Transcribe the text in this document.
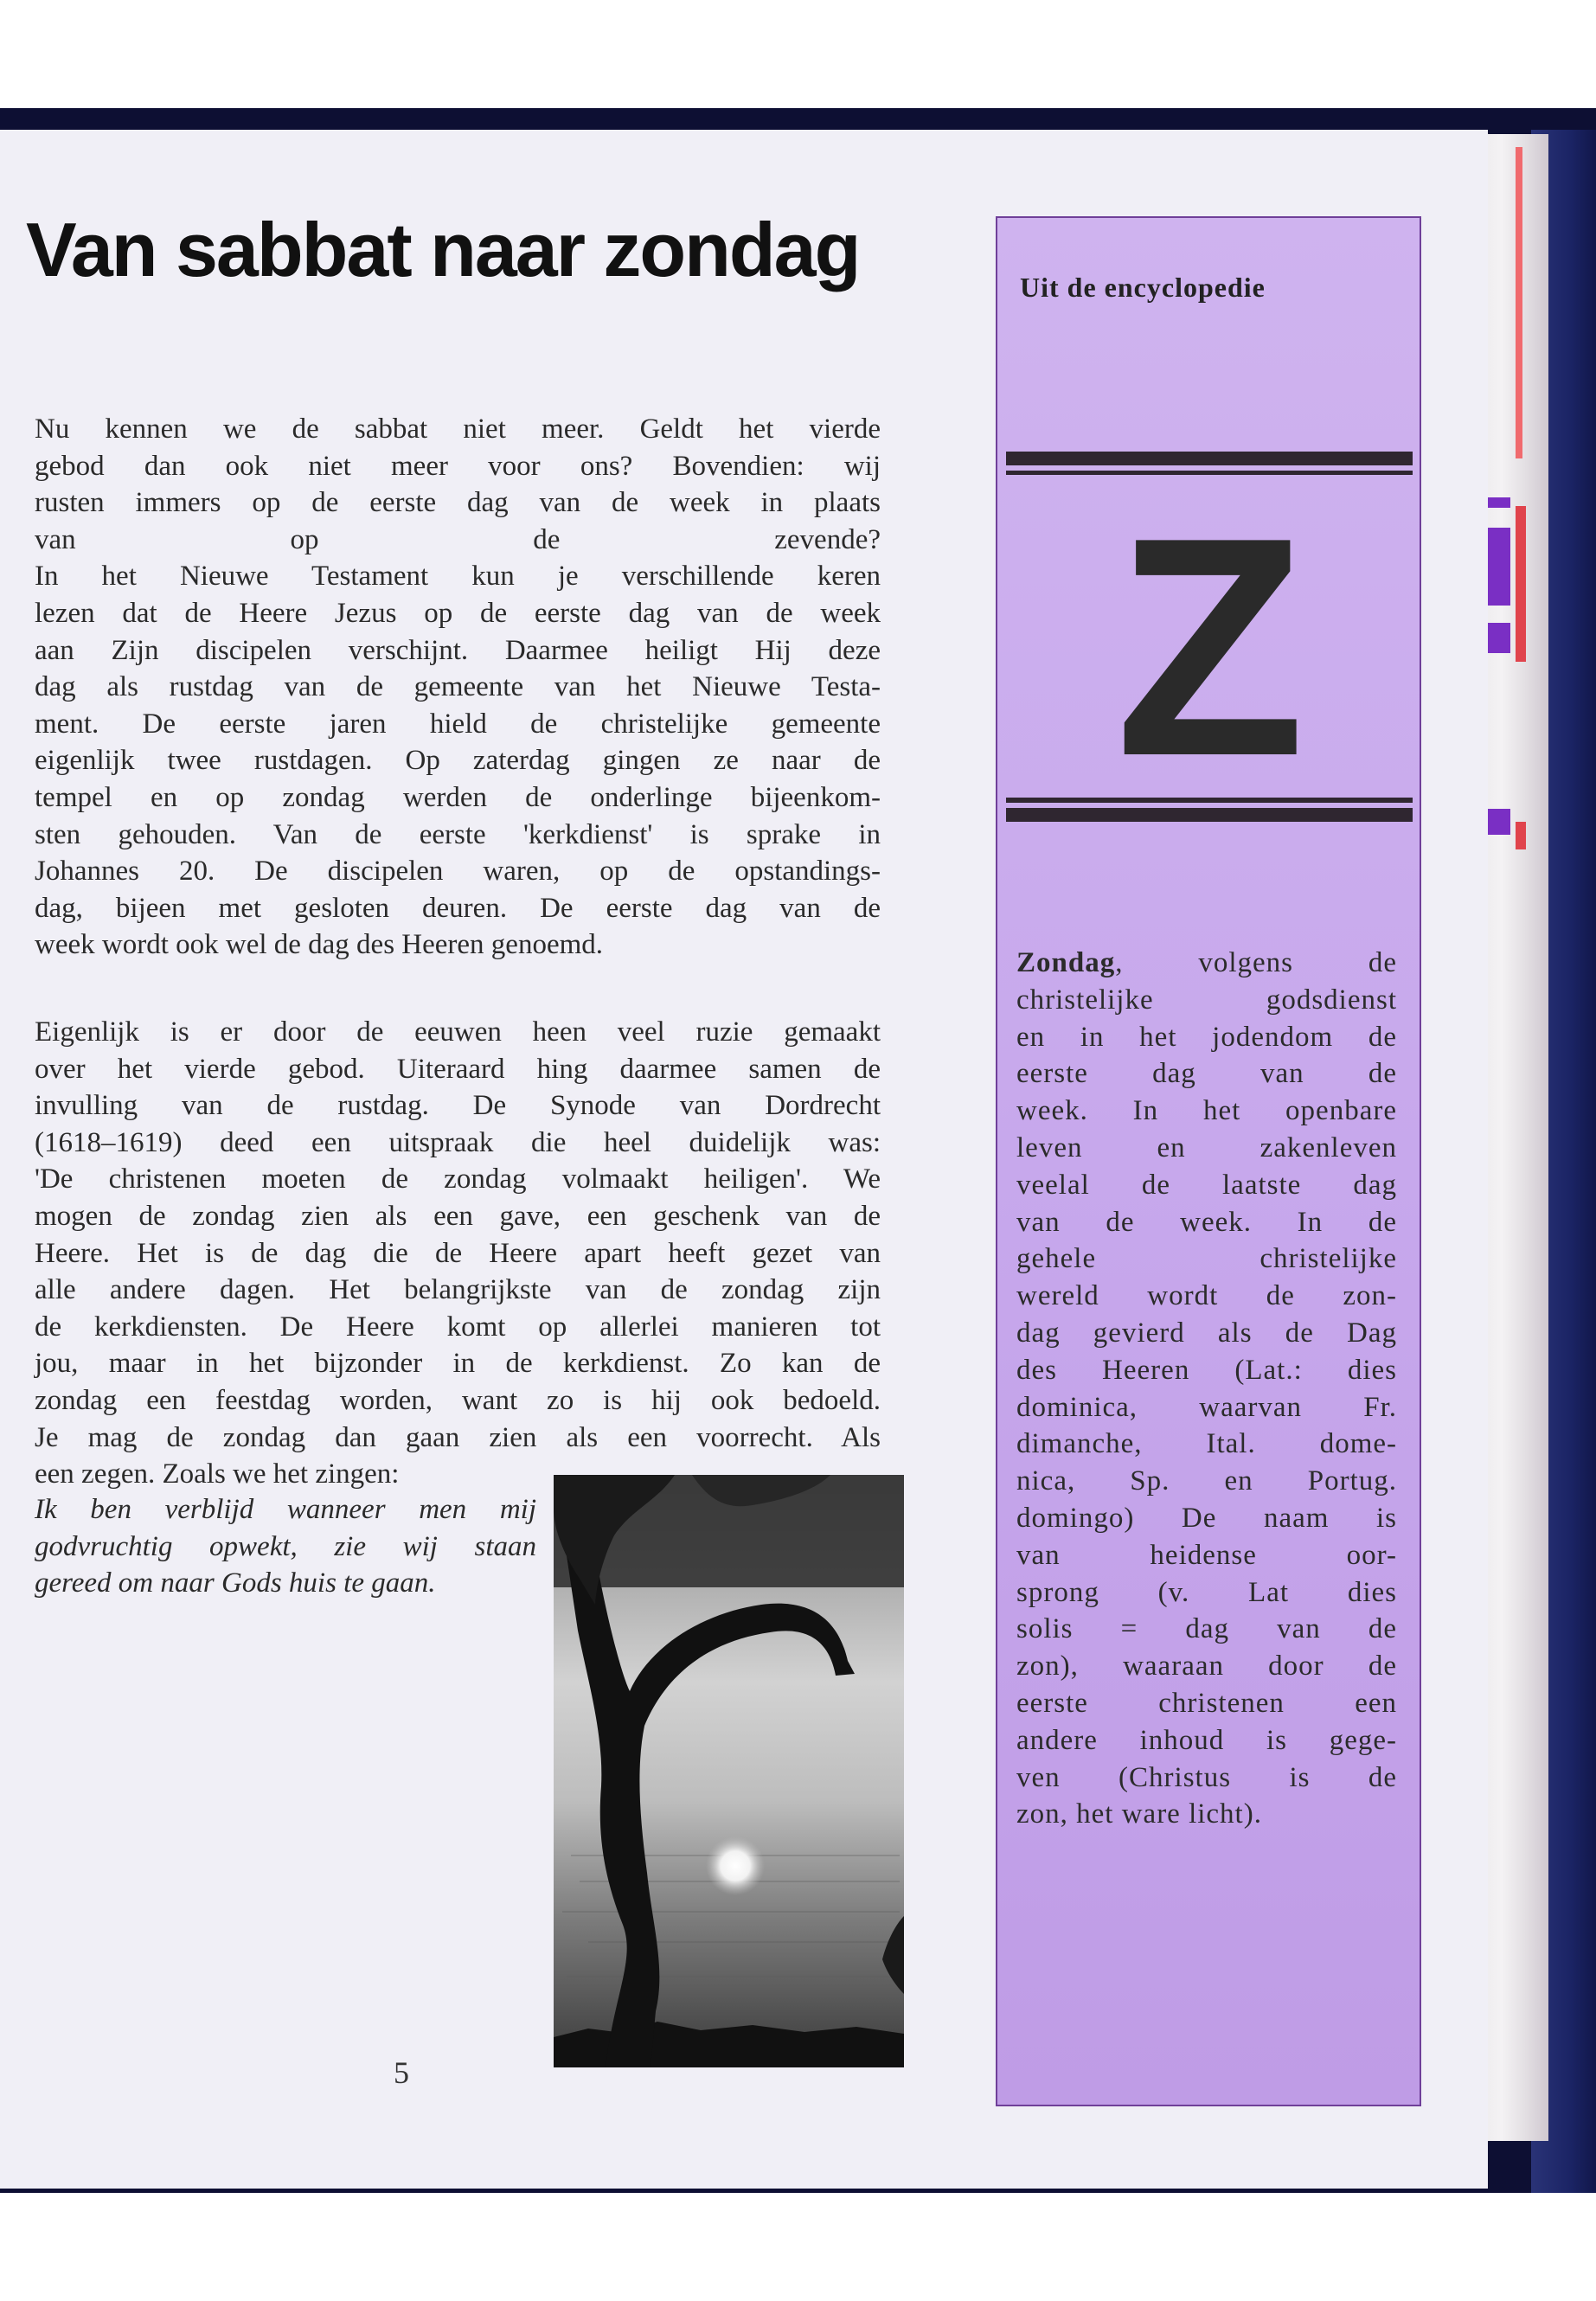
Van sabbat naar zondag
Nu kennen we de sabbat niet meer. Geldt het vierde
gebod dan ook niet meer voor ons? Bovendien: wij
rusten immers op de eerste dag van de week in plaats
van op de zevende?
In het Nieuwe Testament kun je verschillende keren
lezen dat de Heere Jezus op de eerste dag van de week
aan Zijn discipelen verschijnt. Daarmee heiligt Hij deze
dag als rustdag van de gemeente van het Nieuwe Testa-
ment. De eerste jaren hield de christelijke gemeente
eigenlijk twee rustdagen. Op zaterdag gingen ze naar de
tempel en op zondag werden de onderlinge bijeenkom-
sten gehouden. Van de eerste 'kerkdienst' is sprake in
Johannes 20. De discipelen waren, op de opstandings-
dag, bijeen met gesloten deuren. De eerste dag van de
week wordt ook wel de dag des Heeren genoemd.
Eigenlijk is er door de eeuwen heen veel ruzie gemaakt
over het vierde gebod. Uiteraard hing daarmee samen de
invulling van de rustdag. De Synode van Dordrecht
(1618–1619) deed een uitspraak die heel duidelijk was:
'De christenen moeten de zondag volmaakt heiligen'. We
mogen de zondag zien als een gave, een geschenk van de
Heere. Het is de dag die de Heere apart heeft gezet van
alle andere dagen. Het belangrijkste van de zondag zijn
de kerkdiensten. De Heere komt op allerlei manieren tot
jou, maar in het bijzonder in de kerkdienst. Zo kan de
zondag een feestdag worden, want zo is hij ook bedoeld.
Je mag de zondag dan gaan zien als een voorrecht. Als
een zegen. Zoals we het zingen:
Ik ben verblijd wanneer men mij
godvruchtig opwekt, zie wij staan
gereed om naar Gods huis te gaan.
5
Uit de encyclopedie
Z
Zondag, volgens de
christelijke godsdienst
en in het jodendom de
eerste dag van de
week. In het openbare
leven en zakenleven
veelal de laatste dag
van de week. In de
gehele christelijke
wereld wordt de zon-
dag gevierd als de Dag
des Heeren (Lat.: dies
dominica, waarvan Fr.
dimanche, Ital. dome-
nica, Sp. en Portug.
domingo) De naam is
van heidense oor-
sprong (v. Lat dies
solis = dag van de
zon), waaraan door de
eerste christenen een
andere inhoud is gege-
ven (Christus is de
zon, het ware licht).
